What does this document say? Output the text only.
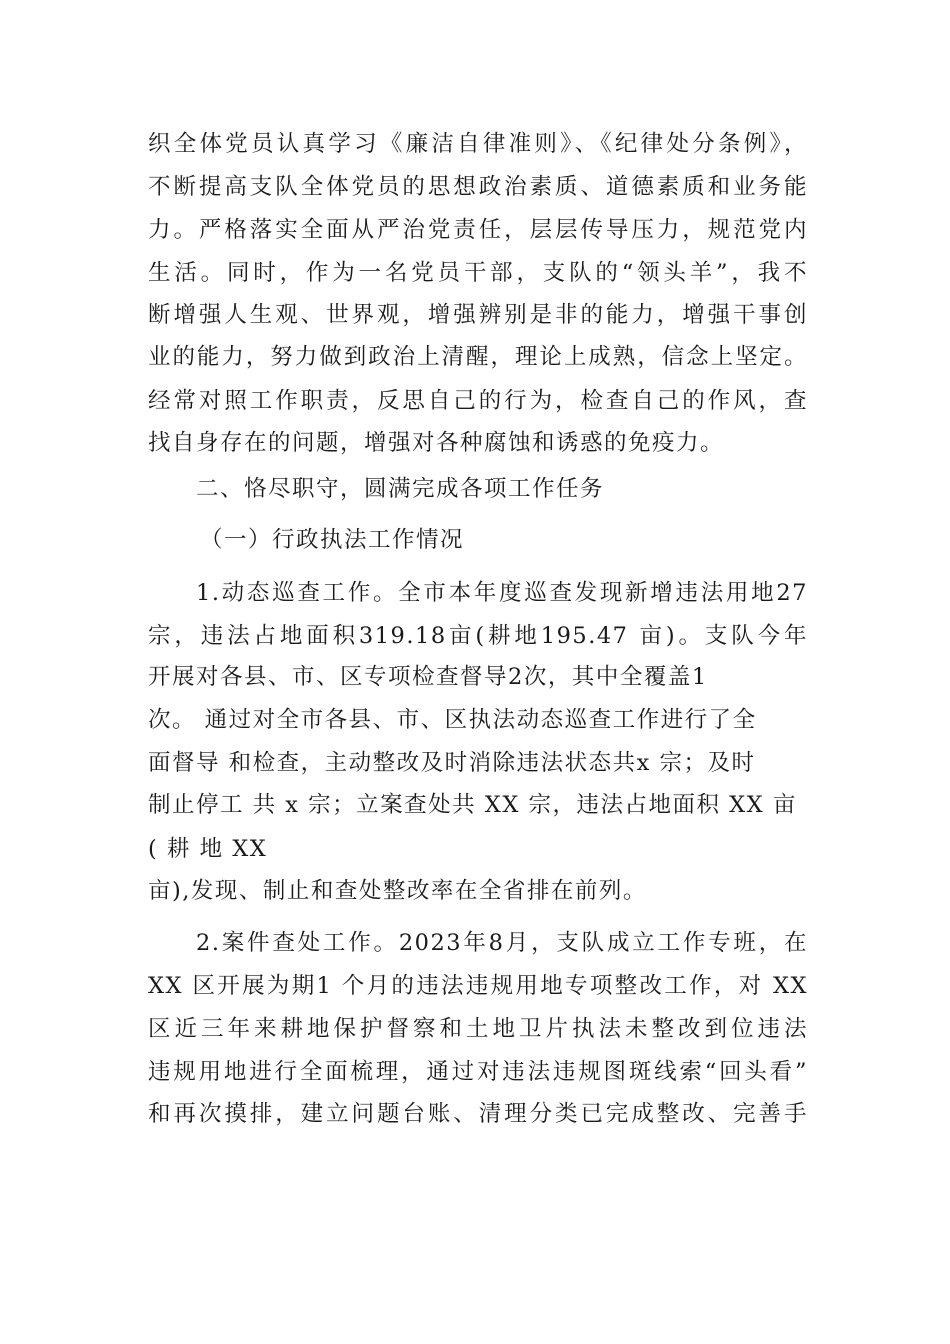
织全体党员认真学习《廉洁自律准则》、《纪律处分条例》，
不断提高支队全体党员的思想政治素质、道德素质和业务能
力。严格落实全面从严治党责任，层层传导压力，规范党内
生活。同时，作为一名党员干部，支队的“领头羊”，我不
断增强人生观、世界观，增强辨别是非的能力，增强干事创
业的能力，努力做到政治上清醒，理论上成熟，信念上坚定。
经常对照工作职责，反思自己的行为，检查自己的作风，查
找自身存在的问题，增强对各种腐蚀和诱惑的免疫力。
二、恪尽职守，圆满完成各项工作任务
（一）行政执法工作情况
1.动态巡查工作。全市本年度巡查发现新增违法用地27
宗，违法占地面积319.18亩(耕地195.47 亩)。支队今年
开展对各县、市、区专项检查督导2次，其中全覆盖1
次。 通过对全市各县、市、区执法动态巡查工作进行了全
面督导 和检查，主动整改及时消除违法状态共x 宗；及时
制止停工 共 x 宗；立案查处共 XX 宗，违法占地面积 XX 亩
( 耕 地 XX
亩),发现、制止和查处整改率在全省排在前列。
2.案件查处工作。2023年8月，支队成立工作专班，在
XX 区开展为期1 个月的违法违规用地专项整改工作，对 XX
区近三年来耕地保护督察和土地卫片执法未整改到位违法
违规用地进行全面梳理，通过对违法违规图斑线索“回头看”
和再次摸排，建立问题台账、清理分类已完成整改、完善手
